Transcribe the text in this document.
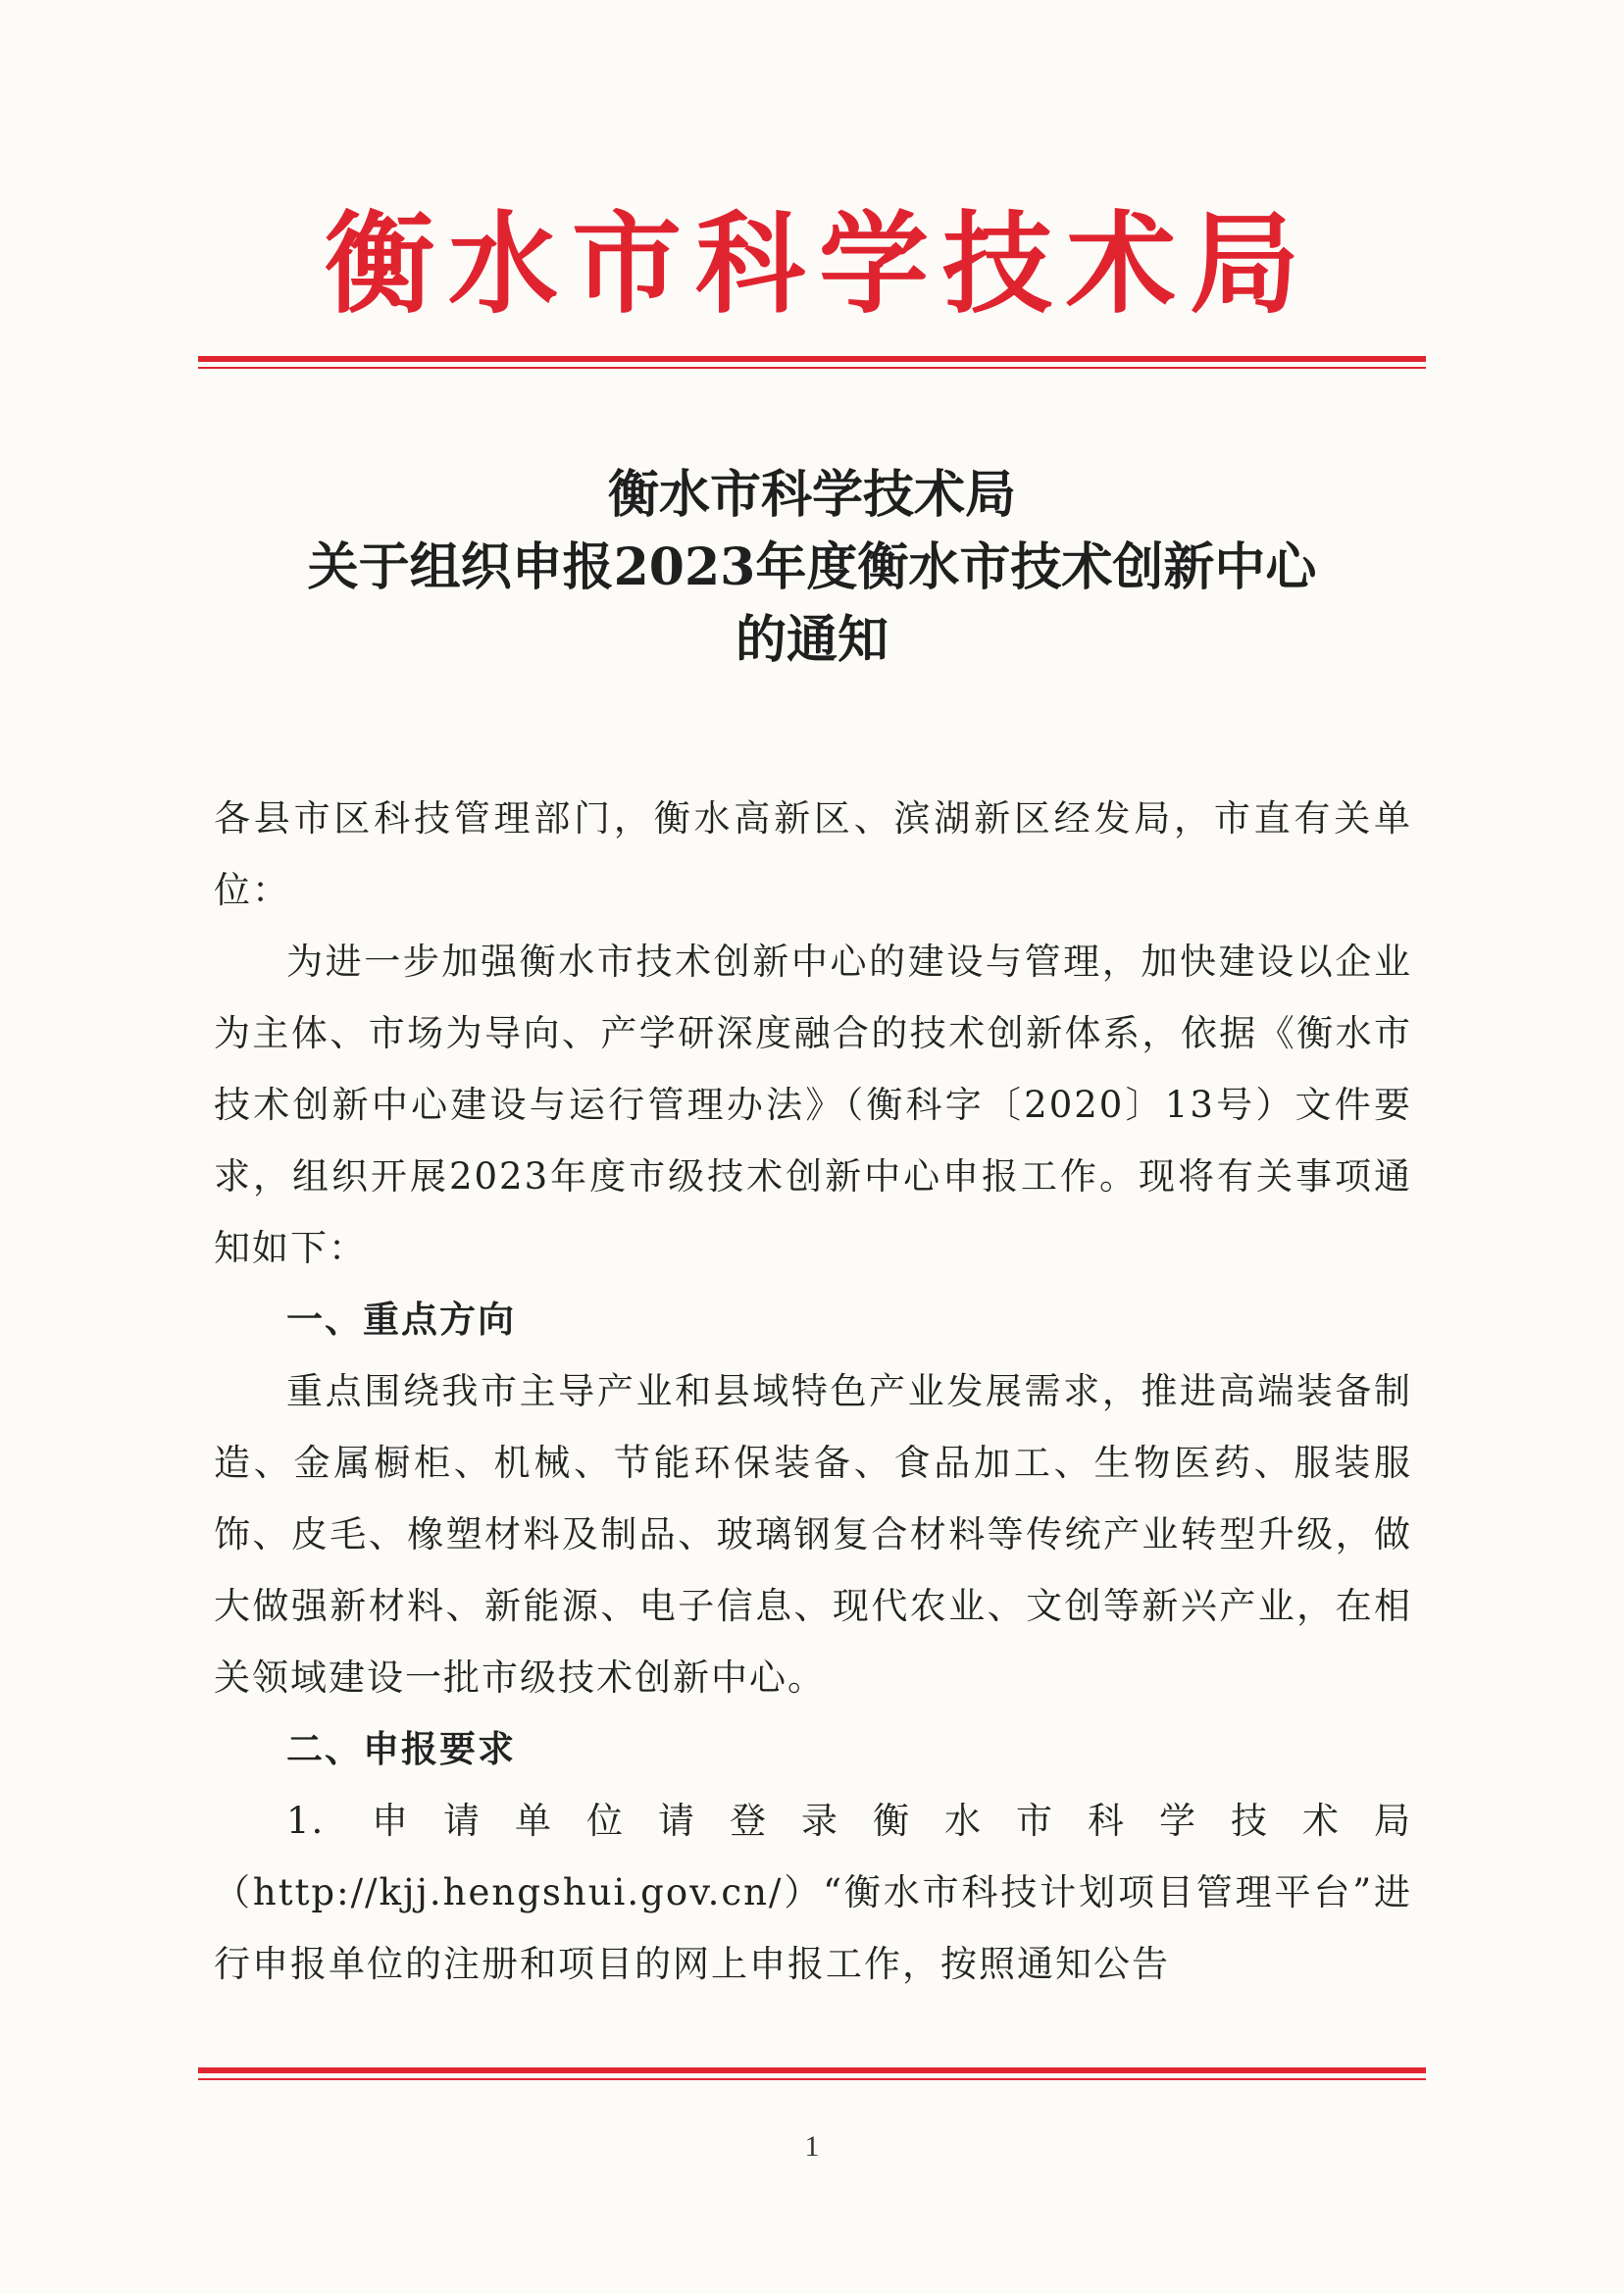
衡水市科学技术局
衡水市科学技术局
关于组织申报2023年度衡水市技术创新中心
的通知

各县市区科技管理部门，衡水高新区、滨湖新区经发局，市直有关单位：

为进一步加强衡水市技术创新中心的建设与管理，加快建设以企业为主体、市场为导向、产学研深度融合的技术创新体系，依据《衡水市技术创新中心建设与运行管理办法》（衡科字〔2020〕13号）文件要求，组织开展2023年度市级技术创新中心申报工作。现将有关事项通知如下：

一、重点方向

重点围绕我市主导产业和县域特色产业发展需求，推进高端装备制造、金属橱柜、机械、节能环保装备、食品加工、生物医药、服装服饰、皮毛、橡塑材料及制品、玻璃钢复合材料等传统产业转型升级，做大做强新材料、新能源、电子信息、现代农业、文创等新兴产业，在相关领域建设一批市级技术创新中心。

二、申报要求

1. 申请单位请登录衡水市科学技术局（http://kjj.hengshui.gov.cn/）“衡水市科技计划项目管理平台”进行申报单位的注册和项目的网上申报工作，按照通知公告

1
